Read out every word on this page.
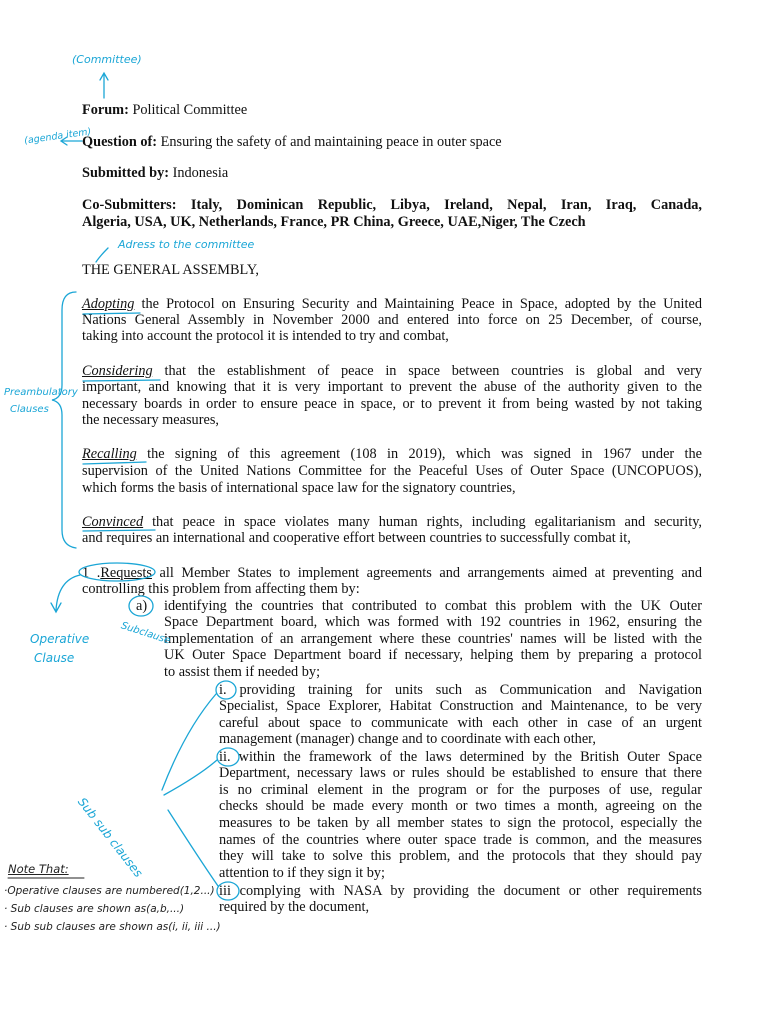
Forum: Political Committee
Question of: Ensuring the safety of and maintaining peace in outer space
Submitted by: Indonesia
Co-Submitters: Italy, Dominican Republic, Libya, Ireland, Nepal, Iran, Iraq, Canada,
Algeria, USA, UK, Netherlands, France, PR China, Greece, UAE,Niger, The Czech
THE GENERAL ASSEMBLY,
Adopting the Protocol on Ensuring Security and Maintaining Peace in Space, adopted by the United
Nations General Assembly in November 2000 and entered into force on 25 December, of course,
taking into account the protocol it is intended to try and combat,
Considering that the establishment of peace in space between countries is global and very
important, and knowing that it is very important to prevent the abuse of the authority given to the
necessary boards in order to ensure peace in space, or to prevent it from being wasted by not taking
the necessary measures,
Recalling the signing of this agreement (108 in 2019), which was signed in 1967 under the
supervision of the United Nations Committee for the Peaceful Uses of Outer Space (UNCOPUOS),
which forms the basis of international space law for the signatory countries,
Convinced that peace in space violates many human rights, including egalitarianism and security,
and requires an international and cooperative effort between countries to successfully combat it,
1 .Requests all Member States to implement agreements and arrangements aimed at preventing and
controlling this problem from affecting them by:
a) identifying the countries that contributed to combat this problem with the UK Outer
Space Department board, which was formed with 192 countries in 1962, ensuring the
implementation of an arrangement where these countries' names will be listed with the
UK Outer Space Department board if necessary, helping them by preparing a protocol
to assist them if needed by;
i. providing training for units such as Communication and Navigation
Specialist, Space Explorer, Habitat Construction and Maintenance, to be very
careful about space to communicate with each other in case of an urgent
management (manager) change and to coordinate with each other,
ii. within the framework of the laws determined by the British Outer Space
Department, necessary laws or rules should be established to ensure that there
is no criminal element in the program or for the purposes of use, regular
checks should be made every month or two times a month, agreeing on the
measures to be taken by all member states to sign the protocol, especially the
names of the countries where outer space trade is common, and the measures
they will take to solve this problem, and the protocols that they should pay
attention to if they sign it by;
iii complying with NASA by providing the document or other requirements
required by the document,
(Committee)
(agenda item)
Adress to the committee
Preambulatory
Clauses
Operative
Clause
Subclause
Sub sub clauses
Note That:
·Operative clauses are numbered(1,2...)
· Sub clauses are shown as(a,b,...)
· Sub sub clauses are shown as(i, ii, iii ...)
